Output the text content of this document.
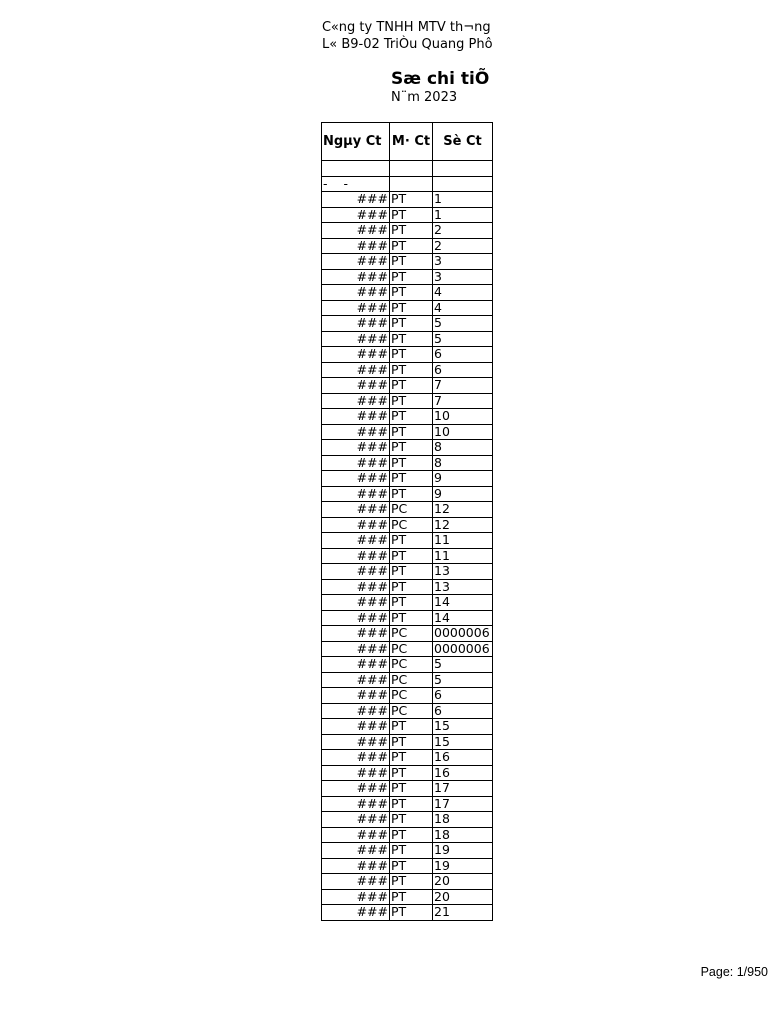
C«ng ty TNHH MTV th¬ng
L« B9-02 TriÒu Quang Phô
Sæ chi tiÕ
N¨m 2023
Ngµy Ct	M· Ct	Sè Ct

- -		
###	PT	1
###	PT	1
###	PT	2
###	PT	2
###	PT	3
###	PT	3
###	PT	4
###	PT	4
###	PT	5
###	PT	5
###	PT	6
###	PT	6
###	PT	7
###	PT	7
###	PT	10
###	PT	10
###	PT	8
###	PT	8
###	PT	9
###	PT	9
###	PC	12
###	PC	12
###	PT	11
###	PT	11
###	PT	13
###	PT	13
###	PT	14
###	PT	14
###	PC	0000006
###	PC	0000006
###	PC	5
###	PC	5
###	PC	6
###	PC	6
###	PT	15
###	PT	15
###	PT	16
###	PT	16
###	PT	17
###	PT	17
###	PT	18
###	PT	18
###	PT	19
###	PT	19
###	PT	20
###	PT	20
###	PT	21
Page: 1/950
